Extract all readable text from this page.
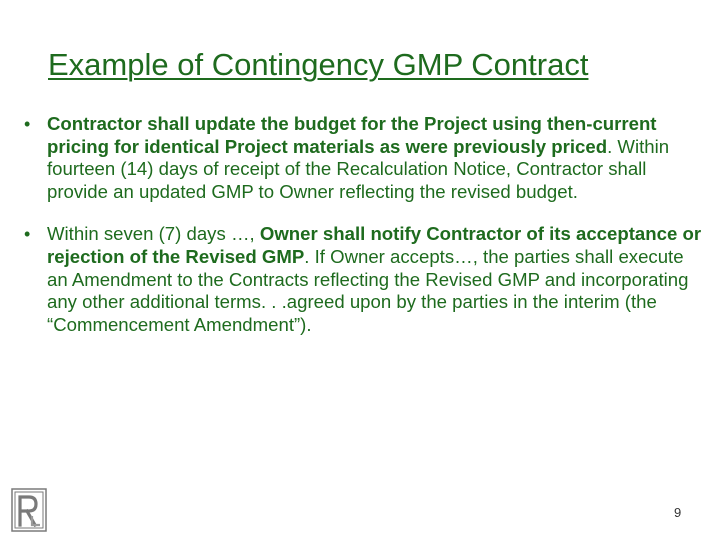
Example of Contingency GMP Contract
• Contractor shall update the budget for the Project using then-current pricing for identical Project materials as were previously priced. Within fourteen (14) days of receipt of the Recalculation Notice, Contractor shall provide an updated GMP to Owner reflecting the revised budget.
• Within seven (7) days …, Owner shall notify Contractor of its acceptance or rejection of the Revised GMP. If Owner accepts…, the parties shall execute an Amendment to the Contracts reflecting the Revised GMP and incorporating any other additional terms. . .agreed upon by the parties in the interim (the “Commencement Amendment”).
9
